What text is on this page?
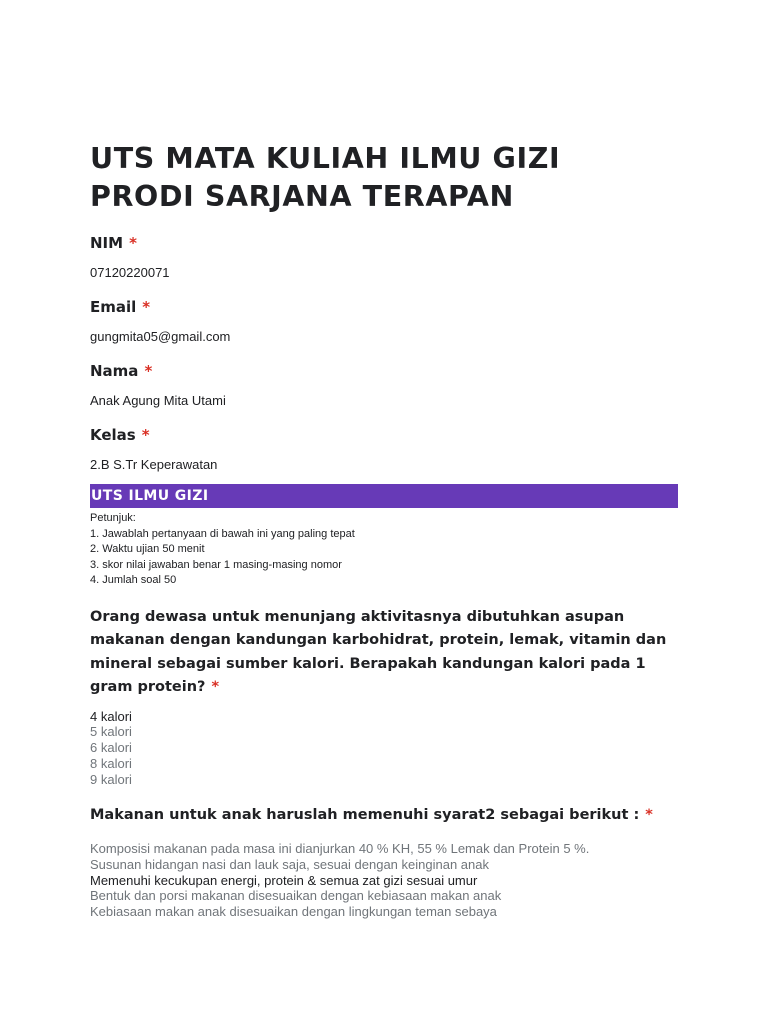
UTS MATA KULIAH ILMU GIZI
PRODI SARJANA TERAPAN
NIM *
07120220071
Email *
gungmita05@gmail.com
Nama *
Anak Agung Mita Utami
Kelas *
2.B S.Tr Keperawatan
UTS ILMU GIZI
Petunjuk:
1. Jawablah pertanyaan di bawah ini yang paling tepat
2. Waktu ujian 50 menit
3. skor nilai jawaban benar 1 masing-masing nomor
4. Jumlah soal 50
Orang dewasa untuk menunjang aktivitasnya dibutuhkan asupan makanan dengan kandungan karbohidrat, protein, lemak, vitamin dan mineral sebagai sumber kalori. Berapakah kandungan kalori pada 1 gram protein? *
4 kalori
5 kalori
6 kalori
8 kalori
9 kalori
Makanan untuk anak haruslah memenuhi syarat2 sebagai berikut : *
Komposisi makanan pada masa ini dianjurkan 40 % KH, 55 % Lemak dan Protein 5 %.
Susunan hidangan nasi dan lauk saja, sesuai dengan keinginan anak
Memenuhi kecukupan energi, protein & semua zat gizi sesuai umur
Bentuk dan porsi makanan disesuaikan dengan kebiasaan makan anak
Kebiasaan makan anak disesuaikan dengan lingkungan teman sebaya
